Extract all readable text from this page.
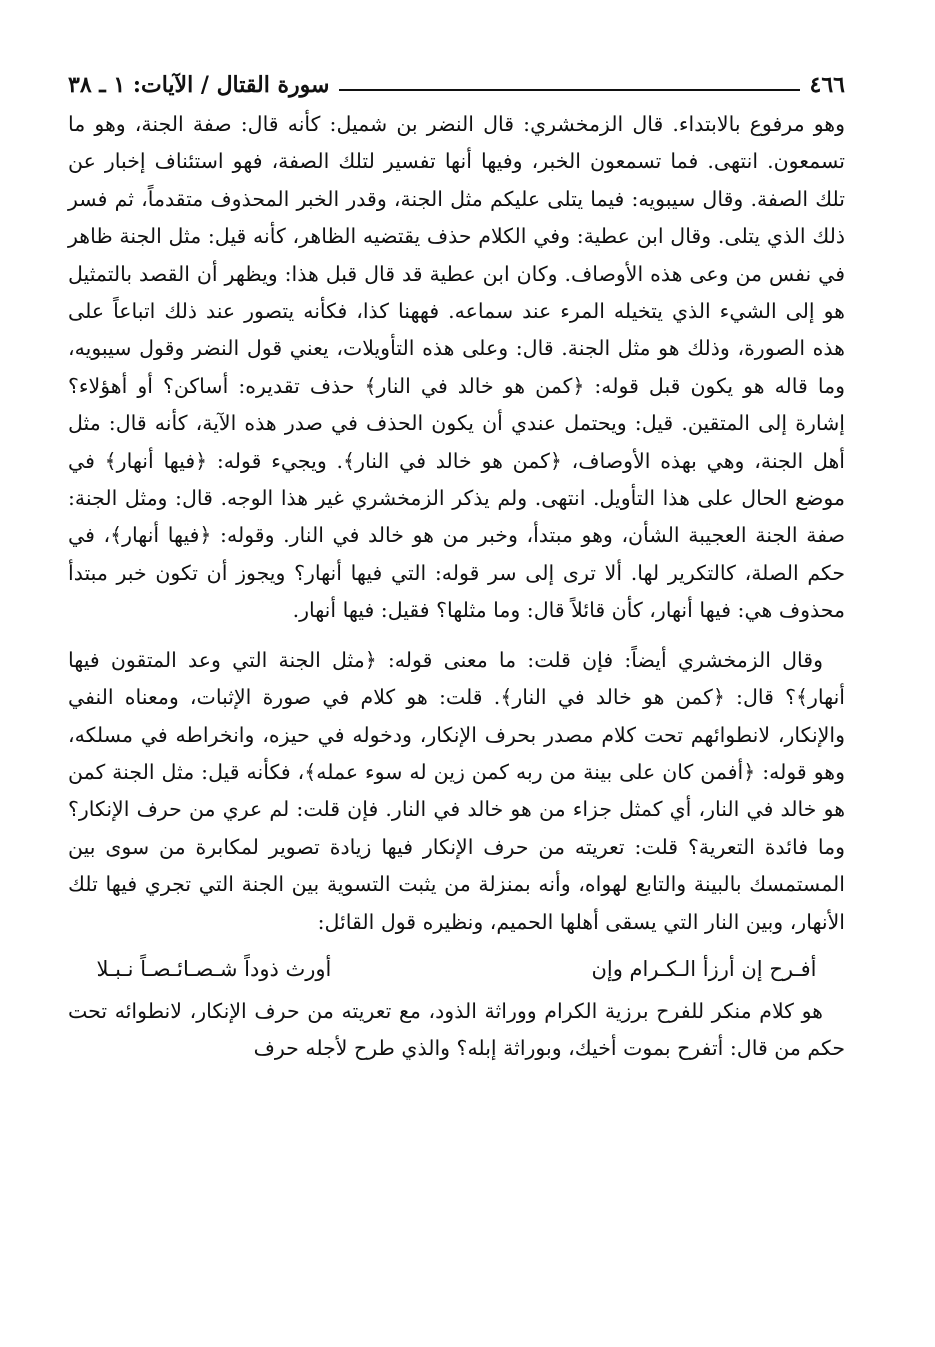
٤٦٦
سورة القتال / الآيات: ١ ـ ٣٨
وهو مرفوع بالابتداء. قال الزمخشري: قال النضر بن شميل: كأنه قال: صفة الجنة، وهو ما تسمعون. انتهى. فما تسمعون الخبر، وفيها أنها تفسير لتلك الصفة، فهو استئناف إخبار عن تلك الصفة. وقال سيبويه: فيما يتلى عليكم مثل الجنة، وقدر الخبر المحذوف متقدماً، ثم فسر ذلك الذي يتلى. وقال ابن عطية: وفي الكلام حذف يقتضيه الظاهر، كأنه قيل: مثل الجنة ظاهر في نفس من وعى هذه الأوصاف. وكان ابن عطية قد قال قبل هذا: ويظهر أن القصد بالتمثيل هو إلى الشيء الذي يتخيله المرء عند سماعه. فههنا كذا، فكأنه يتصور عند ذلك اتباعاً على هذه الصورة، وذلك هو مثل الجنة. قال: وعلى هذه التأويلات، يعني قول النضر وقول سيبويه، وما قاله هو يكون قبل قوله: ﴿كمن هو خالد في النار﴾ حذف تقديره: أساكن؟ أو أهؤلاء؟ إشارة إلى المتقين. قيل: ويحتمل عندي أن يكون الحذف في صدر هذه الآية، كأنه قال: مثل أهل الجنة، وهي بهذه الأوصاف، ﴿كمن هو خالد في النار﴾. ويجيء قوله: ﴿فيها أنهار﴾ في موضع الحال على هذا التأويل. انتهى. ولم يذكر الزمخشري غير هذا الوجه. قال: ومثل الجنة: صفة الجنة العجيبة الشأن، وهو مبتدأ، وخبر من هو خالد في النار. وقوله: ﴿فيها أنهار﴾، في حكم الصلة، كالتكرير لها. ألا ترى إلى سر قوله: التي فيها أنهار؟ ويجوز أن تكون خبر مبتدأ محذوف هي: فيها أنهار، كأن قائلاً قال: وما مثلها؟ فقيل: فيها أنهار.
وقال الزمخشري أيضاً: فإن قلت: ما معنى قوله: ﴿مثل الجنة التي وعد المتقون فيها أنهار﴾؟ قال: ﴿كمن هو خالد في النار﴾. قلت: هو كلام في صورة الإثبات، ومعناه النفي والإنكار، لانطوائهم تحت كلام مصدر بحرف الإنكار، ودخوله في حيزه، وانخراطه في مسلكه، وهو قوله: ﴿أفمن كان على بينة من ربه كمن زين له سوء عمله﴾، فكأنه قيل: مثل الجنة كمن هو خالد في النار، أي كمثل جزاء من هو خالد في النار. فإن قلت: لم عري من حرف الإنكار؟ وما فائدة التعرية؟ قلت: تعريته من حرف الإنكار فيها زيادة تصوير لمكابرة من سوى بين المستمسك بالبينة والتابع لهواه، وأنه بمنزلة من يثبت التسوية بين الجنة التي تجري فيها تلك الأنهار، وبين النار التي يسقى أهلها الحميم، ونظيره قول القائل:
أفـرح إن أرزأ الـكـرام وإن
أورث ذوداً شـصـائـصـاً نـبـلا
هو كلام منكر للفرح برزية الكرام ووراثة الذود، مع تعريته من حرف الإنكار، لانطوائه تحت حكم من قال: أتفرح بموت أخيك، وبوراثة إبله؟ والذي طرح لأجله حرف
